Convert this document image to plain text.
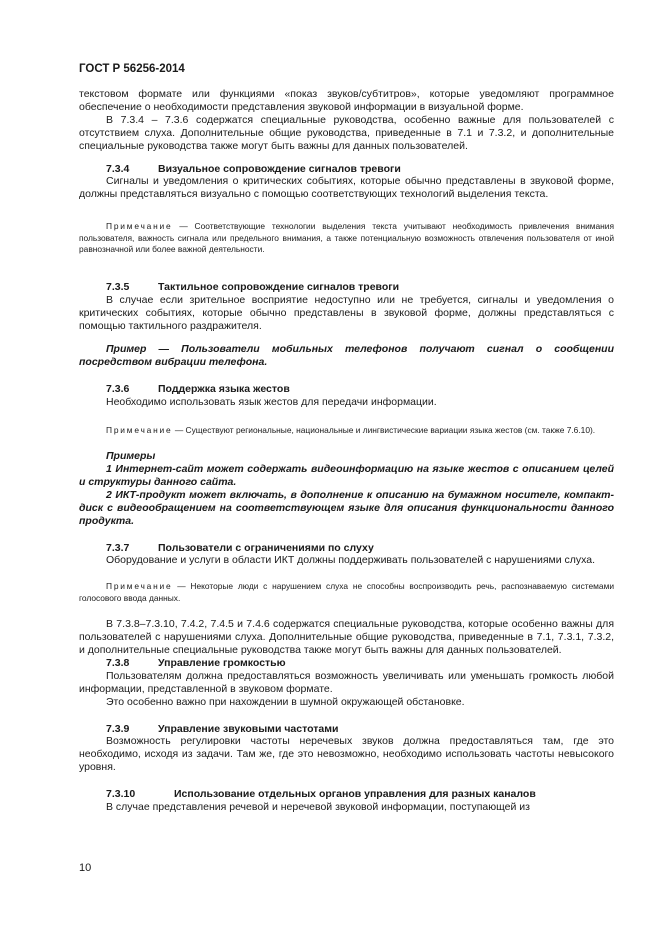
ГОСТ Р 56256-2014

текстовом формате или функциями «показ звуков/субтитров», которые уведомляют программное обеспечение о необходимости представления звуковой информации в визуальной форме.

В 7.3.4 – 7.3.6 содержатся специальные руководства, особенно важные для пользователей с отсутствием слуха. Дополнительные общие руководства, приведенные в 7.1 и 7.3.2, и дополнительные специальные руководства также могут быть важны для данных пользователей.

7.3.4	Визуальное сопровождение сигналов тревоги

Сигналы и уведомления о критических событиях, которые обычно представлены в звуковой форме, должны представляться визуально с помощью соответствующих технологий выделения текста.

Примечание — Соответствующие технологии выделения текста учитывают необходимость привлечения внимания пользователя, важность сигнала или предельного внимания, а также потенциальную возможность отвлечения пользователя от иной равнозначной или более важной деятельности.

7.3.5	Тактильное сопровождение сигналов тревоги

В случае если зрительное восприятие недоступно или не требуется, сигналы и уведомления о критических событиях, которые обычно представлены в звуковой форме, должны представляться с помощью тактильного раздражителя.

Пример — Пользователи мобильных телефонов получают сигнал о сообщении посредством вибрации телефона.

7.3.6	Поддержка языка жестов

Необходимо использовать язык жестов для передачи информации.

Примечание — Существуют региональные, национальные и лингвистические вариации языка жестов (см. также 7.6.10).

Примеры

1 Интернет-сайт может содержать видеоинформацию на языке жестов с описанием целей и структуры данного сайта.

2 ИКТ-продукт может включать, в дополнение к описанию на бумажном носителе, компакт-диск с видеообращением на соответствующем языке для описания функциональности данного продукта.

7.3.7	Пользователи с ограничениями по слуху

Оборудование и услуги в области ИКТ должны поддерживать пользователей с нарушениями слуха.

Примечание — Некоторые люди с нарушением слуха не способны воспроизводить речь, распознаваемую системами голосового ввода данных.

В 7.3.8–7.3.10, 7.4.2, 7.4.5 и 7.4.6 содержатся специальные руководства, которые особенно важны для пользователей с нарушениями слуха. Дополнительные общие руководства, приведенные в 7.1, 7.3.1, 7.3.2, и дополнительные специальные руководства также могут быть важны для данных пользователей.

7.3.8	Управление громкостью

Пользователям должна предоставляться возможность увеличивать или уменьшать громкость любой информации, представленной в звуковом формате.

Это особенно важно при нахождении в шумной окружающей обстановке.

7.3.9	Управление звуковыми частотами

Возможность регулировки частоты неречевых звуков должна предоставляться там, где это необходимо, исходя из задачи. Там же, где это невозможно, необходимо использовать частоты невысокого уровня.

7.3.10	Использование отдельных органов управления для разных каналов

В случае представления речевой и неречевой звуковой информации, поступающей из

10
